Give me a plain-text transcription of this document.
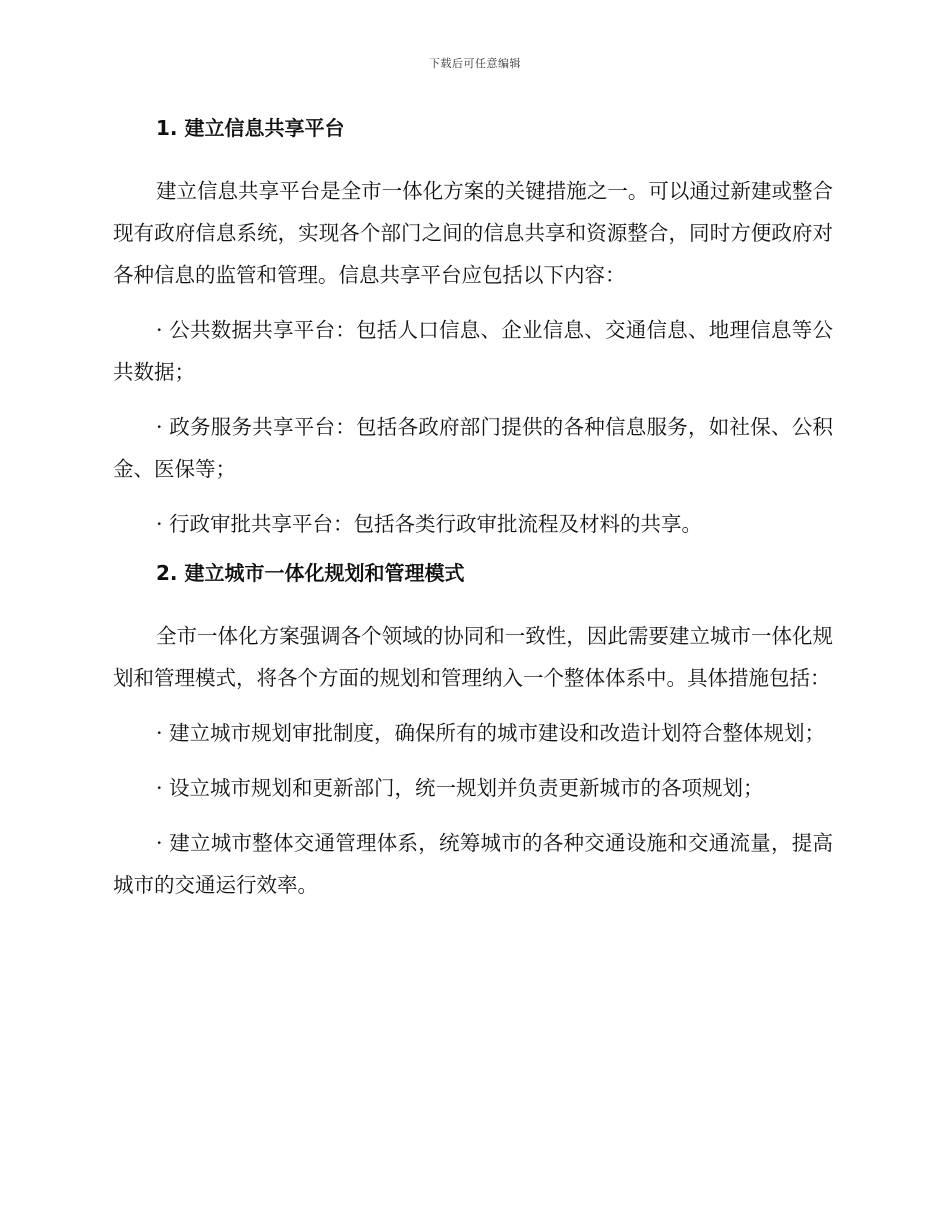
下载后可任意编辑
1. 建立信息共享平台

建立信息共享平台是全市一体化方案的关键措施之一。可以通过新建或整合现有政府信息系统，实现各个部门之间的信息共享和资源整合，同时方便政府对各种信息的监管和管理。信息共享平台应包括以下内容：

· 公共数据共享平台：包括人口信息、企业信息、交通信息、地理信息等公共数据；

· 政务服务共享平台：包括各政府部门提供的各种信息服务，如社保、公积金、医保等；

· 行政审批共享平台：包括各类行政审批流程及材料的共享。

2. 建立城市一体化规划和管理模式

全市一体化方案强调各个领域的协同和一致性，因此需要建立城市一体化规划和管理模式，将各个方面的规划和管理纳入一个整体体系中。具体措施包括：

· 建立城市规划审批制度，确保所有的城市建设和改造计划符合整体规划；

· 设立城市规划和更新部门，统一规划并负责更新城市的各项规划；

· 建立城市整体交通管理体系，统筹城市的各种交通设施和交通流量，提高城市的交通运行效率。
